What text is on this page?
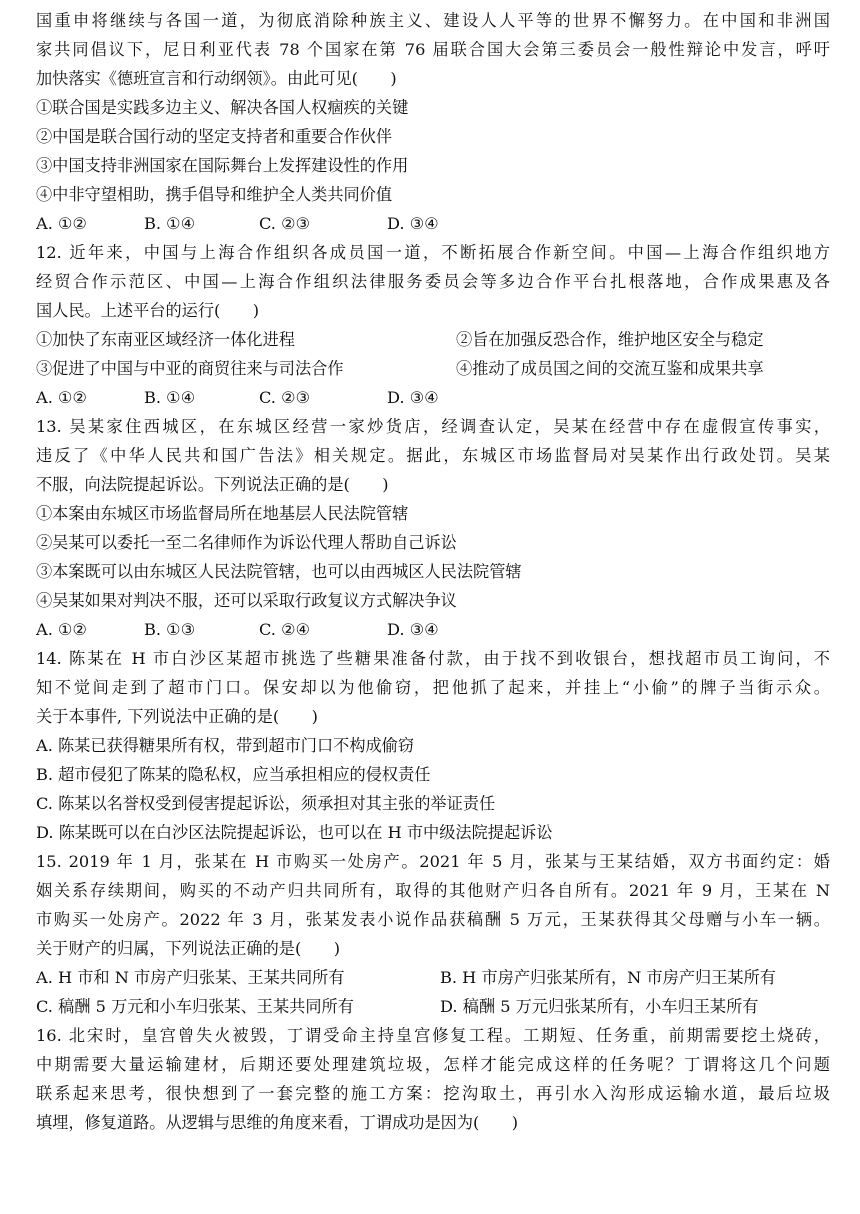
国重申将继续与各国一道，为彻底消除种族主义、建设人人平等的世界不懈努力。在中国和非洲国
家共同倡议下，尼日利亚代表 78 个国家在第 76 届联合国大会第三委员会一般性辩论中发言，呼吁
加快落实《德班宣言和行动纲领》。由此可见(　　)
①联合国是实践多边主义、解决各国人权痼疾的关键
②中国是联合国行动的坚定支持者和重要合作伙伴
③中国支持非洲国家在国际舞台上发挥建设性的作用
④中非守望相助，携手倡导和维护全人类共同价值
A. ①②	B. ①④	C. ②③	D. ③④
12. 近年来，中国与上海合作组织各成员国一道，不断拓展合作新空间。中国—上海合作组织地方
经贸合作示范区、中国—上海合作组织法律服务委员会等多边合作平台扎根落地，合作成果惠及各
国人民。上述平台的运行(　　)
①加快了东南亚区域经济一体化进程	②旨在加强反恐合作，维护地区安全与稳定
③促进了中国与中亚的商贸往来与司法合作	④推动了成员国之间的交流互鉴和成果共享
A. ①②	B. ①④	C. ②③	D. ③④
13. 吴某家住西城区，在东城区经营一家炒货店，经调查认定，吴某在经营中存在虚假宣传事实，
违反了《中华人民共和国广告法》相关规定。据此，东城区市场监督局对吴某作出行政处罚。吴某
不服，向法院提起诉讼。下列说法正确的是(　　)
①本案由东城区市场监督局所在地基层人民法院管辖
②吴某可以委托一至二名律师作为诉讼代理人帮助自己诉讼
③本案既可以由东城区人民法院管辖，也可以由西城区人民法院管辖
④吴某如果对判决不服，还可以采取行政复议方式解决争议
A. ①②	B. ①③	C. ②④	D. ③④
14. 陈某在 H 市白沙区某超市挑选了些糖果准备付款，由于找不到收银台，想找超市员工询问，不
知不觉间走到了超市门口。保安却以为他偷窃，把他抓了起来，并挂上“小偷”的牌子当街示众。
关于本事件, 下列说法中正确的是(　　)
A. 陈某已获得糖果所有权，带到超市门口不构成偷窃
B. 超市侵犯了陈某的隐私权，应当承担相应的侵权责任
C. 陈某以名誉权受到侵害提起诉讼，须承担对其主张的举证责任
D. 陈某既可以在白沙区法院提起诉讼，也可以在 H 市中级法院提起诉讼
15. 2019 年 1 月，张某在 H 市购买一处房产。2021 年 5 月，张某与王某结婚，双方书面约定：婚
姻关系存续期间，购买的不动产归共同所有，取得的其他财产归各自所有。2021 年 9 月，王某在 N
市购买一处房产。2022 年 3 月，张某发表小说作品获稿酬 5 万元，王某获得其父母赠与小车一辆。
关于财产的归属，下列说法正确的是(　　)
A. H 市和 N 市房产归张某、王某共同所有	B. H 市房产归张某所有，N 市房产归王某所有
C. 稿酬 5 万元和小车归张某、王某共同所有	D. 稿酬 5 万元归张某所有，小车归王某所有
16. 北宋时，皇宫曾失火被毁，丁谓受命主持皇宫修复工程。工期短、任务重，前期需要挖土烧砖，
中期需要大量运输建材，后期还要处理建筑垃圾，怎样才能完成这样的任务呢？丁谓将这几个问题
联系起来思考，很快想到了一套完整的施工方案：挖沟取土，再引水入沟形成运输水道，最后垃圾
填埋，修复道路。从逻辑与思维的角度来看，丁谓成功是因为(　　)
